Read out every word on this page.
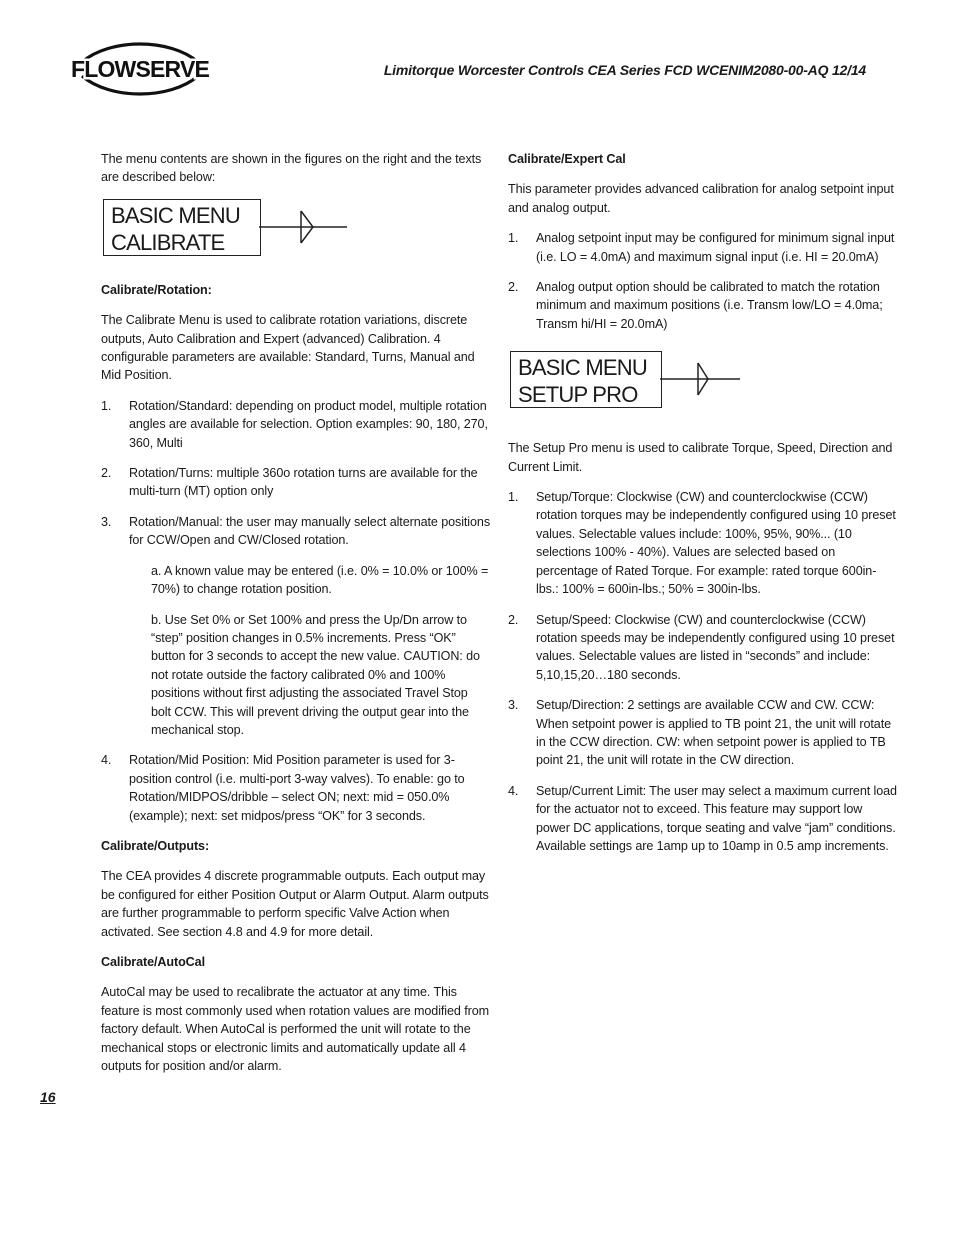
FLOWSERVE	Limitorque Worcester Controls CEA Series FCD WCENIM2080-00-AQ 12/14

The menu contents are shown in the figures on the right and the texts are described below:

BASIC MENU
CALIBRATE

Calibrate/Rotation:

The Calibrate Menu is used to calibrate rotation variations, discrete outputs, Auto Calibration and Expert (advanced) Calibration. 4 configurable parameters are available: Standard, Turns, Manual and Mid Position.

1. Rotation/Standard: depending on product model, multiple rotation angles are available for selection. Option examples: 90, 180, 270, 360, Multi
2. Rotation/Turns: multiple 360o rotation turns are available for the multi-turn (MT) option only
3. Rotation/Manual: the user may manually select alternate positions for CCW/Open and CW/Closed rotation.

a. A known value may be entered (i.e. 0% = 10.0% or 100% = 70%) to change rotation position.

b. Use Set 0% or Set 100% and press the Up/Dn arrow to “step” position changes in 0.5% increments. Press “OK” button for 3 seconds to accept the new value. CAUTION: do not rotate outside the factory calibrated 0% and 100% positions without first adjusting the associated Travel Stop bolt CCW. This will prevent driving the output gear into the mechanical stop.

4. Rotation/Mid Position: Mid Position parameter is used for 3-position control (i.e. multi-port 3-way valves). To enable: go to Rotation/MIDPOS/dribble – select ON; next: mid = 050.0% (example); next: set midpos/press “OK” for 3 seconds.

Calibrate/Outputs:

The CEA provides 4 discrete programmable outputs. Each output may be configured for either Position Output or Alarm Output. Alarm outputs are further programmable to perform specific Valve Action when activated. See section 4.8 and 4.9 for more detail.

Calibrate/AutoCal

AutoCal may be used to recalibrate the actuator at any time. This feature is most commonly used when rotation values are modified from factory default. When AutoCal is performed the unit will rotate to the mechanical stops or electronic limits and automatically update all 4 outputs for position and/or alarm.

Calibrate/Expert Cal

This parameter provides advanced calibration for analog setpoint input and analog output.

1. Analog setpoint input may be configured for minimum signal input (i.e. LO = 4.0mA) and maximum signal input (i.e. HI = 20.0mA)
2. Analog output option should be calibrated to match the rotation minimum and maximum positions (i.e. Transm low/LO = 4.0ma; Transm hi/HI = 20.0mA)
BASIC MENU
SETUP PRO

The Setup Pro menu is used to calibrate Torque, Speed, Direction and Current Limit.

1. Setup/Torque: Clockwise (CW) and counterclockwise (CCW) rotation torques may be independently configured using 10 preset values. Selectable values include: 100%, 95%, 90%... (10 selections 100% - 40%). Values are selected based on percentage of Rated Torque. For example: rated torque 600in-lbs.: 100% = 600in-lbs.; 50% = 300in-lbs.
2. Setup/Speed: Clockwise (CW) and counterclockwise (CCW) rotation speeds may be independently configured using 10 preset values. Selectable values are listed in “seconds” and include: 5,10,15,20…180 seconds.
3. Setup/Direction: 2 settings are available CCW and CW. CCW: When setpoint power is applied to TB point 21, the unit will rotate in the CCW direction. CW: when setpoint power is applied to TB point 21, the unit will rotate in the CW direction.
4. Setup/Current Limit: The user may select a maximum current load for the actuator not to exceed. This feature may support low power DC applications, torque seating and valve “jam” conditions. Available settings are 1amp up to 10amp in 0.5 amp increments.
16
